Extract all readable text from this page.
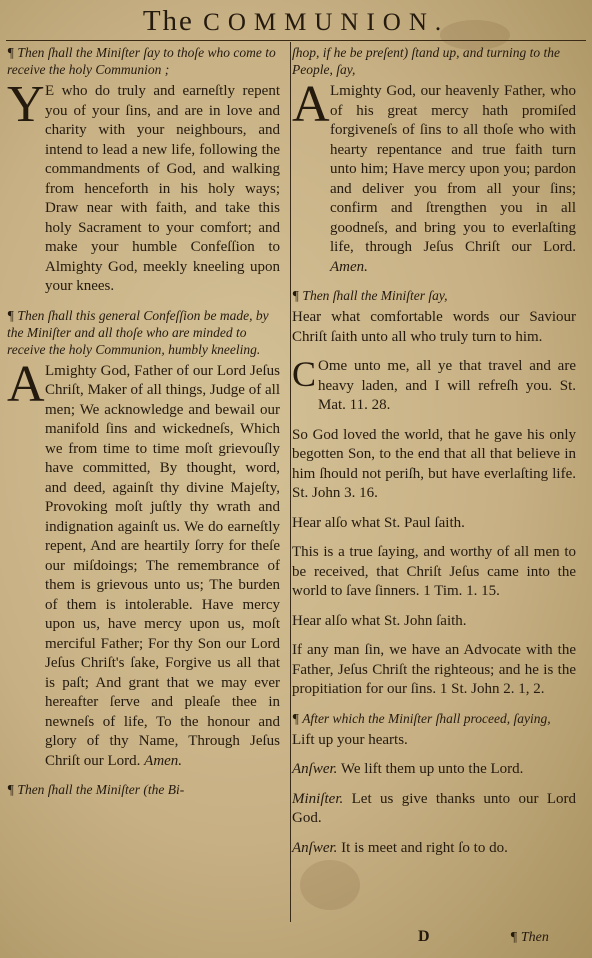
The COMMUNION.

¶ Then ſhall the Miniſter ſay to thoſe who come to receive the holy Communion ;

Y E who do truly and earneſtly repent you of your ſins, and are in love and charity with your neighbours, and intend to lead a new life, following the commandments of God, and walking from henceforth in his holy ways; Draw near with faith, and take this holy Sacrament to your comfort; and make your humble Confeſſion to Almighty God, meekly kneeling upon your knees.

¶ Then ſhall this general Confeſſion be made, by the Miniſter and all thoſe who are minded to receive the holy Communion, humbly kneeling.

A Lmighty God, Father of our Lord Jeſus Chriſt, Maker of all things, Judge of all men; We acknowledge and bewail our manifold ſins and wickedneſs, Which we from time to time moſt grievouſly have committed, By thought, word, and deed, againſt thy divine Majeſty, Provoking moſt juſtly thy wrath and indignation againſt us. We do earneſtly repent, And are heartily ſorry for theſe our miſdoings; The remembrance of them is grievous unto us; The burden of them is intolerable. Have mercy upon us, have mercy upon us, moſt merciful Father; For thy Son our Lord Jeſus Chriſt's ſake, Forgive us all that is paſt; And grant that we may ever hereafter ſerve and pleaſe thee in newneſs of life, To the honour and glory of thy Name, Through Jeſus Chriſt our Lord. Amen.

¶ Then ſhall the Miniſter (the Bi-

ſhop, if he be preſent) ſtand up, and turning to the People, ſay,

A Lmighty God, our heavenly Father, who of his great mercy hath promiſed forgiveneſs of ſins to all thoſe who with hearty repentance and true faith turn unto him; Have mercy upon you; pardon and deliver you from all your ſins; confirm and ſtrengthen you in all goodneſs, and bring you to everlaſting life, through Jeſus Chriſt our Lord. Amen.

¶ Then ſhall the Miniſter ſay,

Hear what comfortable words our Saviour Chriſt ſaith unto all who truly turn to him.

C Ome unto me, all ye that travel and are heavy laden, and I will refreſh you. St. Mat. 11. 28.

So God loved the world, that he gave his only begotten Son, to the end that all that believe in him ſhould not periſh, but have everlaſting life. St. John 3. 16.

Hear alſo what St. Paul ſaith.

This is a true ſaying, and worthy of all men to be received, that Chriſt Jeſus came into the world to ſave ſinners. 1 Tim. 1. 15.

Hear alſo what St. John ſaith.

If any man ſin, we have an Advocate with the Father, Jeſus Chriſt the righteous; and he is the propitiation for our ſins. 1 St. John 2. 1, 2.

¶ After which the Miniſter ſhall proceed, ſaying,

Lift up your hearts.

Anſwer. We lift them up unto the Lord.

Miniſter. Let us give thanks unto our Lord God.

Anſwer. It is meet and right ſo to do.

D	¶ Then
